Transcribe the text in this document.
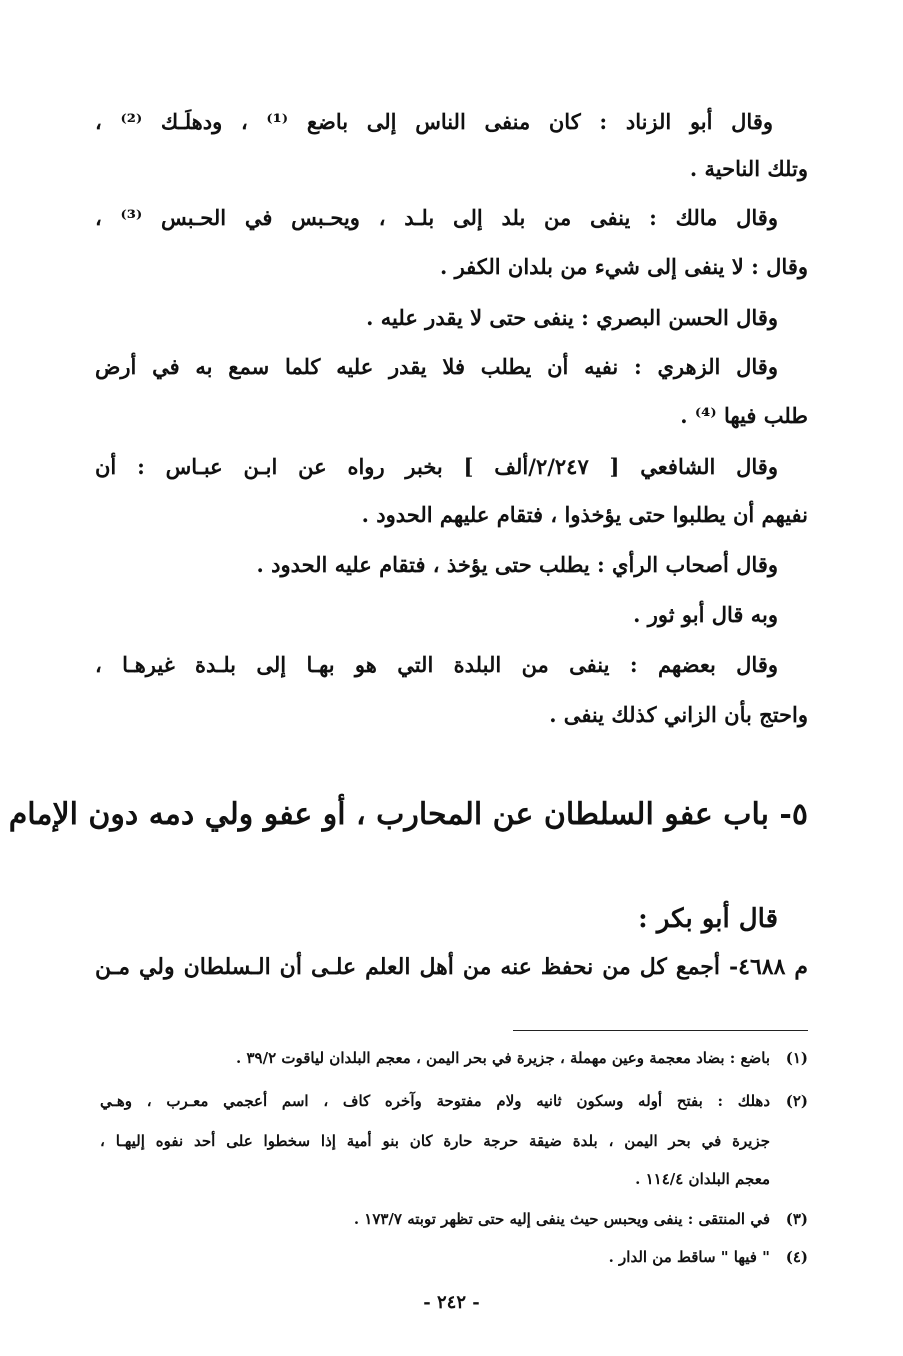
وقال أبو الزناد : كان منفى الناس إلى باضع ⁽¹⁾ ، ودهلَـك ⁽²⁾ ،
وتلك الناحية .
وقال مالك : ينفى من بلد إلى بلـد ، ويحـبس في الحـبس ⁽³⁾ ،
وقال : لا ينفى إلى شيء من بلدان الكفر .
وقال الحسن البصري : ينفى حتى لا يقدر عليه .
وقال الزهري : نفيه أن يطلب فلا يقدر عليه كلما سمع به في أرض
طلب فيها ⁽⁴⁾ .
وقال الشافعي [ ٢/٢٤٧/ألف ] بخبر رواه عن ابـن عبـاس : أن
نفيهم أن يطلبوا حتى يؤخذوا ، فتقام عليهم الحدود .
وقال أصحاب الرأي : يطلب حتى يؤخذ ، فتقام عليه الحدود .
وبه قال أبو ثور .
وقال بعضهم : ينفى من البلدة التي هو بهـا إلى بلـدة غيرهـا ،
واحتج بأن الزاني كذلك ينفى .
٥- باب عفو السلطان عن المحارب ، أو عفو ولي دمه دون الإمام
قال أبو بكر :
م ٤٦٨٨- أجمع كل من نحفظ عنه من أهل العلم علـى أن الـسلطان ولي مـن
(١)باضع : بضاد معجمة وعين مهملة ، جزيرة في بحر اليمن ، معجم البلدان لياقوت ٣٩/٢ .
(٢)دهلك : بفتح أوله وسكون ثانيه ولام مفتوحة وآخره كاف ، اسم أعجمي معـرب ، وهـي
جزيرة في بحر اليمن ، بلدة ضيقة حرجة حارة كان بنو أمية إذا سخطوا على أحد نفوه إليهـا ،
معجم البلدان ١١٤/٤ .
(٣)في المنتقى : ينفى ويحبس حيث ينفى إليه حتى تظهر توبته ١٧٣/٧ .
(٤)" فيها " ساقط من الدار .
- ٢٤٢ -
